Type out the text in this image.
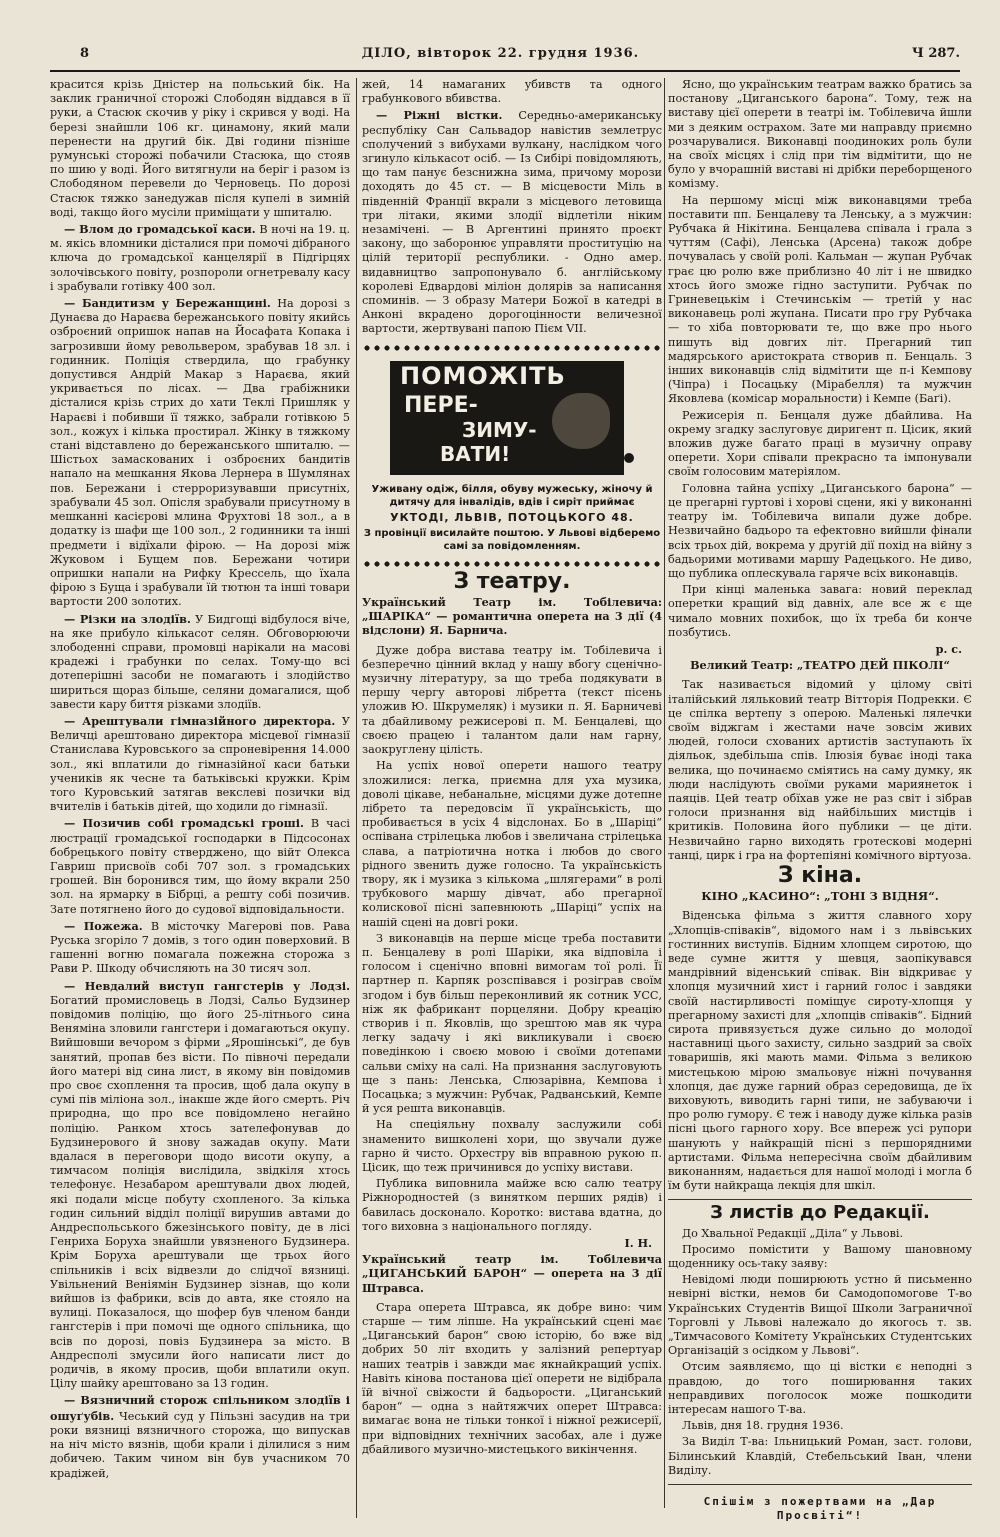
8	ДІЛО, вівторок 22. грудня 1936.	Ч 287.

красится крізь Дністер на польський бік. На заклик граничної сторожі Слободян віддався в її руки, а Стасюк скочив у ріку і скрився у воді. На березі знайшли 106 кг. цинамону, який мали перенести на другий бік. Дві години пізніше румунські сторожі побачили Стасюка, що стояв по шию у воді. Його витягнули на беріг і разом із Слободяном перевели до Черновець. По дорозі Стасюк тяжко занедужав після купелі в зимній воді, такщо його мусіли приміщати у шпиталю.

— Влом до громадської каси. В ночі на 19. ц. м. якісь вломники дісталися при помочі дібраного ключа до громадської канцелярії в Підгірцях золочівського повіту, розпороли огнетревалу касу і зрабували готівку 400 зол.

— Бандитизм у Бережанщині. На дорозі з Дунаєва до Нараєва бережанського повіту якийсь озброєний опришок напав на Йосафата Копака і загрозивши йому револьвером, зрабував 18 зл. і годинник. Поліція ствердила, що грабунку допустився Андрій Макар з Нараєва, який укривається по лісах. — Два грабіжники дісталися крізь стрих до хати Теклі Пришляк у Нараєві і побивши її тяжко, забрали готівкою 5 зол., кожух і кілька простирал. Жінку в тяжкому стані відставлено до бережанського шпиталю. — Шістьох замаскованих і озброєних бандитів напало на мешкання Якова Лернера в Шумлянах пов. Бережани і стерроризувавши присутніх, зрабували 45 зол. Опісля зрабували присутному в мешканні касієрові млина Фрухтові 18 зол., а в додатку із шафи ще 100 зол., 2 годинники та інші предмети і відїхали фірою. — На дорозі між Жуковом і Бущем пов. Бережани чотири опришки напали на Рифку Крессель, що їхала фірою з Буща і зрабували їй тютюн та інші товари вартости 200 золотих.

— Різки на злодіїв. У Бидгощі відбулося віче, на яке прибуло кількасот селян. Обговорюючи злободенні справи, промовці нарікали на масові крадежі і грабунки по селах. Тому-що всі дотеперішні засоби не помагають і злодійство шириться щораз більше, селяни домагалися, щоб завести кару биття різками злодіїв.

— Арештували гімназійного директора. У Величці арештовано директора місцевої гімназії Станислава Куровського за спроневірення 14.000 зол., які вплатили до гімназійної каси батьки учеників як чесне та батьківські кружки. Крім того Куровський затягав векслеві позички від вчителів і батьків дітей, що ходили до гімназії.

— Позичив собі громадські гроші. В часі люстрації громадської господарки в Підсосонах бобрецького повіту стверджено, що війт Олекса Гавриш присвоїв собі 707 зол. з громадських грошей. Він боронився тим, що йому вкрали 250 зол. на ярмарку в Бібрці, а решту собі позичив. Зате потягнено його до судової відповідальности.

— Пожежа. В місточку Магерові пов. Рава Руська згоріло 7 домів, з того один поверховий. В гашенні вогню помагала пожежна сторожа з Рави Р. Шкоду обчисляють на 30 тисяч зол.

— Невдалий виступ гангстерів у Лодзі. Богатий промисловець в Лодзі, Сальо Будзинер повідомив поліцію, що його 25-літнього сина Веняміна зловили гангстери і домагаються окупу. Вийшовши вечором з фірми „Ярошінські“, де був занятий, пропав без вісти. По півночі передали його матері від сина лист, в якому він повідомив про своє схоплення та просив, щоб дала окупу в сумі пів міліона зол., інакше жде його смерть. Річ природна, що про все повідомлено негайно поліцію. Ранком хтось зателефонував до Будзинерового й знову зажадав окупу. Мати вдалася в переговори щодо висоти окупу, а тимчасом поліція вислідила, звідкіля хтось телефонує. Незабаром арештували двох людей, які подали місце побуту схопленого. За кілька годин сильний відділ поліції вирушив автами до Андреспольського бжезінського повіту, де в лісі Генриха Боруха знайшли увязненого Будзинера. Крім Боруха арештували ще трьох його спільників і всіх відвезли до слідчої вязниці. Увільнений Веніямін Будзинер зізнав, що коли вийшов із фабрики, всів до авта, яке стояло на вулиці. Показалося, що шофер був членом банди гангстерів і при помочі ще одного спільника, що всів по дорозі, повіз Будзинера за місто. В Андресполі змусили його написати лист до родичів, в якому просив, щоби вплатили окуп. Цілу шайку арештовано за 13 годин.

— Вязничний сторож спільником злодіїв і ошуґубів. Чеський суд у Пільзні засудив на три роки вязниці вязничного сторожа, що випускав на ніч місто вязнів, щоби крали і ділилися з ним добичею. Таким чином він був учасником 70 крадіжей,

жей, 14 намаганих убивств та одного грабункового вбивства.

— Ріжні вістки. Середньо-американську республіку Сан Сальвадор навістив землетрус сполучений з вибухами вулкану, наслідком чого згинуло кількасот осіб. — Із Сибірі повідомляють, що там панує безснижна зима, причому морози доходять до 45 ст. — В місцевости Міль в південній Франції вкрали з місцевого летовища три літаки, якими злодії відлетіли ніким незамічені. — В Аргентині принято проєкт закону, що заборонює управляти проституцію на цілій території республики. - Одно амер. видавництво запропонувало б. англійському королеві Едвардові міліон долярів за написання споминів. — З образу Матери Божої в катедрі в Анконі вкрадено дорогоцінности величезної вартости, жертвувані папою Пієм VII.

ПОМОЖІТЬ
ПЕРЕ-
ЗИМУ-
ВАТИ!

Уживану одіж, білля, обуву мужеську, жіночу й дитячу для інвалідів, вдів і сиріт приймає

УКТОДІ, ЛЬВІВ, ПОТОЦЬКОГО 48.

З провінції висилайте поштою. У Львові відберемо самі за повідомленням.

З театру.

Український Театр ім. Тобілевича: „ШАРІКА“ — романтична оперета на 3 дії (4 відслони) Я. Барнича.

Дуже добра вистава театру ім. Тобілевича і безперечно цінний вклад у нашу вбогу сценічно-музичну літературу, за що треба подякувати в першу чергу авторові лібретта (текст пісень уложив Ю. Шкрумеляк) і музики п. Я. Барничеві та дбайливому режисерові п. М. Бенцалеві, що своєю працею і талантом дали нам гарну, заокруглену цілість.

На успіх нової оперети нашого театру зложилися: легка, приємна для уха музика, доволі цікаве, небанальне, місцями дуже дотепне лібрето та передовсім її українськість, що пробивається в усіх 4 відслонах. Бо в „Шаріці“ оспівана стрілецька любов і звеличана стрілецька слава, а патріотична нотка і любов до свого рідного звенить дуже голосно. Та українськість твору, як і музика з кількома „шлягерами“ в ролі трубкового маршу дівчат, або прегарної колискової пісні запевнюють „Шаріці“ успіх на нашій сцені на довгі роки.

З виконавців на перше місце треба поставити п. Бенцалеву в ролі Шаріки, яка відповіла і голосом і сценічно вповні вимогам тої ролі. Її партнер п. Карпяк розспівався і розіграв своїм згодом і був більш переконливий як сотник УСС, ніж як фабрикант порцеляни. Добру креацію створив і п. Яковлів, що зрештою мав як чура легку задачу і які викликували і своєю поведінкою і своєю мовою і своїми дотепами сальви сміху на салі. На признання заслуговують ще з пань: Ленська, Слюзарівна, Кемпова і Посацька; з мужчин: Рубчак, Радванський, Кемпе й уся решта виконавців.

На спеціяльну похвалу заслужили собі знаменито вишколені хори, що звучали дуже гарно й чисто. Орхестру вів вправною рукою п. Цісик, що теж причинився до успіху вистави.

Публика виповнила майже всю салю театру Ріжнородностей (з винятком перших рядів) і бавилась досконало. Коротко: вистава вдатна, до того виховна з національного погляду.

І. Н.

Український театр ім. Тобілевича „ЦИГАНСЬКИЙ БАРОН“ — оперета на 3 дії Штравса.

Стара оперета Штравса, як добре вино: чим старше — тим ліпше. На український сцені має „Циганський барон“ свою історію, бо вже від добрих 50 літ входить у залізний репертуар наших театрів і завжди має якнайкращий успіх. Навіть кінова постанова цієї оперети не відібрала їй вічної свіжости й бадьорости. „Циганський барон“ — одна з найтяжчих оперет Штравса: вимагає вона не тільки тонкої і ніжної режисерії, при відповідних технічних засобах, але і дуже дбайливого музично-мистецького викінчення.

Ясно, що українським театрам важко братись за постанову „Циганського барона“. Тому, теж на виставу цієї оперети в театрі ім. Тобілевича йшли ми з деяким острахом. Зате ми направду приємно розчарувалися. Виконавці поодиноких роль були на своїх місцях і слід при тім відмітити, що не було у вчорашній виставі ні дрібки переборщеного комізму.

На першому місці між виконавцями треба поставити пп. Бенцалеву та Ленську, а з мужчин: Рубчака й Нікітина. Бенцалева співала і грала з чуттям (Сафі), Ленська (Арсена) також добре почувалась у своїй ролі. Кальман — жупан Рубчак грає цю ролю вже приблизно 40 літ і не швидко хтось його зможе гідно заступити. Рубчак по Гриневецькім і Стечинськім — третій у нас виконавець ролі жупана. Писати про гру Рубчака — то хіба повторювати те, що вже про нього пишуть від довгих літ. Прегарний тип мадярського аристократа створив п. Бенцаль. З інших виконавців слід відмітити ще п-і Кемпову (Чіпра) і Посацьку (Мірабелля) та мужчин Яковлева (комісар моральности) і Кемпе (Баґі).

Режисерія п. Бенцаля дуже дбайлива. На окрему згадку заслуговує диригент п. Цісик, який вложив дуже багато праці в музичну оправу оперети. Хори співали прекрасно та імпонували своїм голосовим матеріялом.

Головна тайна успіху „Циганського барона“ — це прегарні гуртові і хорові сцени, які у виконанні театру ім. Тобілевича випали дуже добре. Незвичайно бадьоро та ефектовно вийшли фінали всіх трьох дій, вокрема у другій дії похід на війну з бадьорими мотивами маршу Радецького. Не диво, що публика оплескувала гаряче всіх виконавців.

При кінці маленька завага: новий переклад оперетки кращий від давніх, але все ж є ще чимало мовних похибок, що їх треба би конче позбутись.

р. с.

Великий Театр: „ТЕАТРО ДЕЙ ПІКОЛІ“

Так називається відомий у цілому світі італійський ляльковий театр Вітторія Подрекки. Є це спілка вертепу з оперою. Маленькі лялечки своїм віджгам і жестами наче зовсім живих людей, голоси схованих артистів заступають їх діяльок, здебільша спів. Ілюзія буває іноді така велика, що починаємо сміятись на саму думку, як люди наслідують своїми руками мариянеток і паяців. Цей театр обїхав уже не раз світ і зібрав голоси признання від найбільших мистців і критиків. Половина його публики — це діти. Незвичайно гарно виходять гротескові модерні танці, цирк і гра на фортепіяні комічного віртуоза.

З кіна.
КІНО „КАСИНО“: „ТОНІ З ВІДНЯ“.

Віденська фільма з життя славного хору „Хлопців-співаків“, відомого нам і з львівських гостинних виступів. Бідним хлопцем сиротою, що веде сумне життя у шевця, заопікувався мандрівний віденський співак. Він відкриває у хлопця музичний хист і гарний голос і завдяки своїй настирливості поміщує сироту-хлопця у прегарному захисті для „хлопців співаків“. Бідний сирота привязується дуже сильно до молодої наставниці цього захисту, сильно заздрий за своїх товаришів, які мають мами. Фільма з великою мистецькою мірою змальовує ніжні почування хлопця, дає дуже гарний образ середовища, де їх виховують, виводить гарні типи, не забуваючи і про ролю гумору. Є теж і наводу дуже кілька разів пісні цього гарного хору. Все впереж усі рупори шанують у найкращій пісні з першорядними артистами. Фільма непересічна своїм дбайливим виконанням, надається для нашої молоді і могла б їм бути найкраща лекція для шкіл.

З листів до Редакції.

До Хвальної Редакції „Діла“ у Львові.

Просимо помістити у Вашому шановному щоденнику ось-таку заяву:

Невідомі люди поширюють устно й письменно невірні вістки, немов би Самодопомогове Т-во Українських Студентів Вищої Школи Заграничної Торговлі у Львові належало до якогось т. зв. „Тимчасового Комітету Українських Студентських Організацій з осідком у Львові“.

Отсим заявляємо, що ці вістки є неподні з правдою, до того поширювання таких неправдивих поголосок може пошкодити інтересам нашого Т-ва.

Львів, дня 18. грудня 1936.

За Виділ Т-ва: Ільницький Роман, заст. голови, Білинський Клавдій, Стебельський Іван, члени Виділу.

Спішім з пожертвами на „Дар Просвіті“!
